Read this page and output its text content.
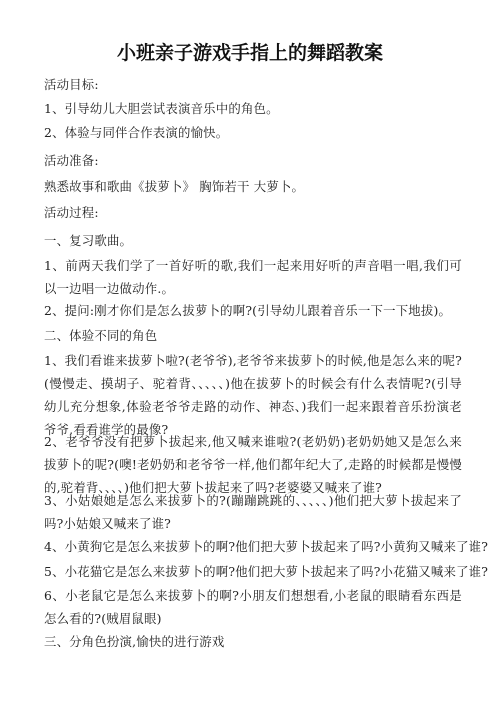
小班亲子游戏手指上的舞蹈教案
活动目标:
1、引导幼儿大胆尝试表演音乐中的角色。
2、体验与同伴合作表演的愉快。
活动准备:
熟悉故事和歌曲《拔萝卜》 胸饰若干 大萝卜。
活动过程:
一、复习歌曲。
1、前两天我们学了一首好听的歌,我们一起来用好听的声音唱一唱,我们可以一边唱一边做动作.。
2、提问:刚才你们是怎么拔萝卜的啊?(引导幼儿跟着音乐一下一下地拔)。
二、体验不同的角色
1、我们看谁来拔萝卜啦?(老爷爷),老爷爷来拔萝卜的时候,他是怎么来的呢?(慢慢走、摸胡子、驼着背、、、、、)他在拔萝卜的时候会有什么表情呢?(引导幼儿充分想象,体验老爷爷走路的动作、神态、)我们一起来跟着音乐扮演老爷爷,看看谁学的最像?
2、老爷爷没有把萝卜拔起来,他又喊来谁啦?(老奶奶)老奶奶她又是怎么来拔萝卜的呢?(噢!老奶奶和老爷爷一样,他们都年纪大了,走路的时候都是慢慢的,驼着背、、、、)他们把大萝卜拔起来了吗?老婆婆又喊来了谁?
3、小姑娘她是怎么来拔萝卜的?(蹦蹦跳跳的、、、、、)他们把大萝卜拔起来了吗?小姑娘又喊来了谁?
4、小黄狗它是怎么来拔萝卜的啊?他们把大萝卜拔起来了吗?小黄狗又喊来了谁?
5、小花猫它是怎么来拔萝卜的啊?他们把大萝卜拔起来了吗?小花猫又喊来了谁?
6、小老鼠它是怎么来拔萝卜的啊?小朋友们想想看,小老鼠的眼睛看东西是怎么看的?(贼眉鼠眼)
三、分角色扮演,愉快的进行游戏
